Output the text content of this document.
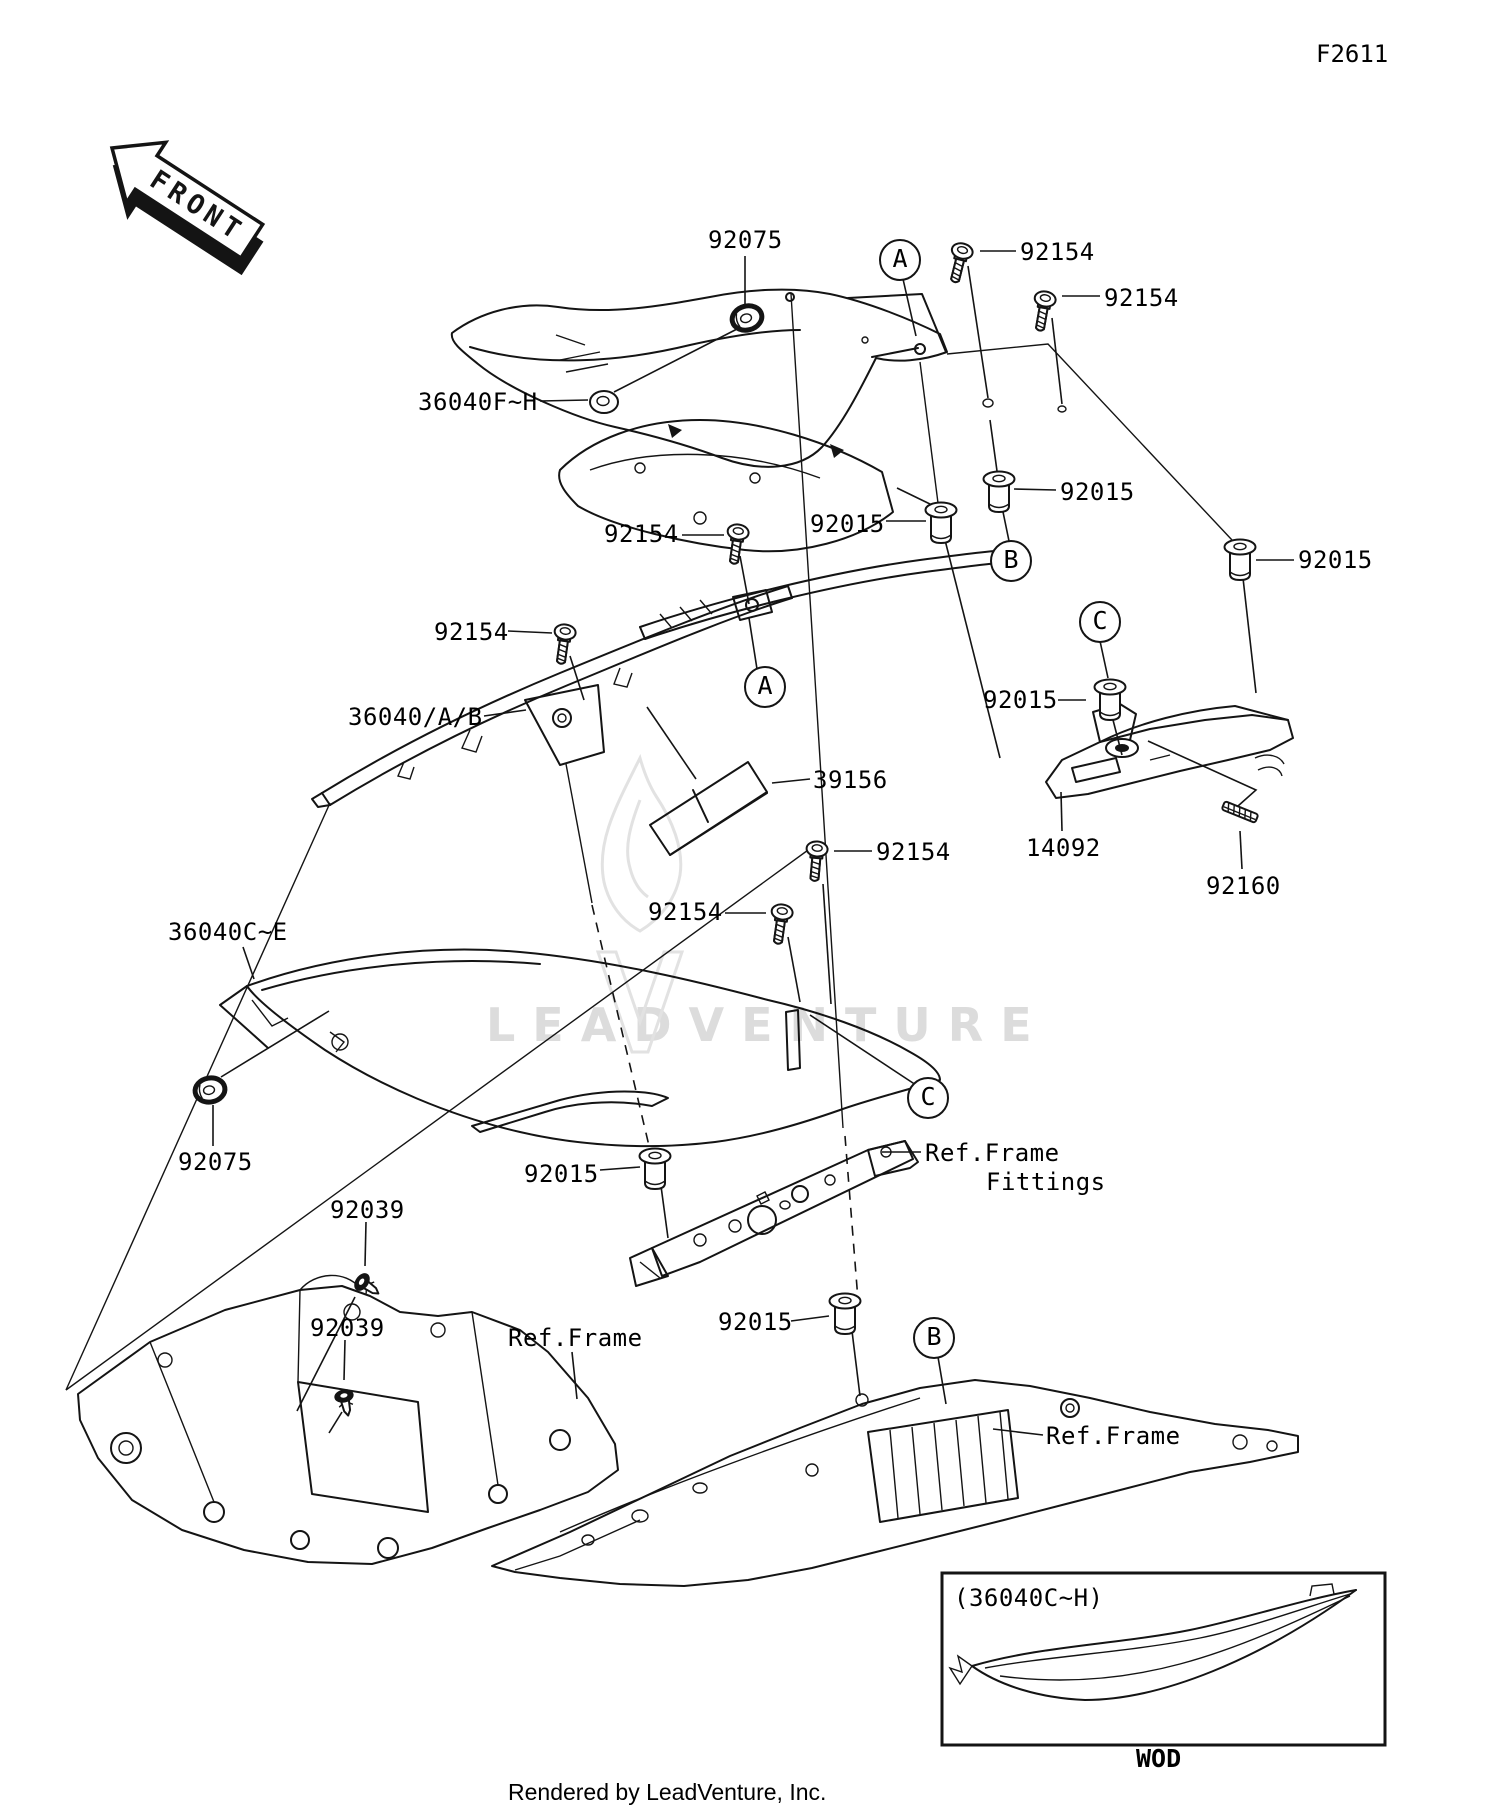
LEADVENTURE
FRONT
F2611
(36040C~H)
WOD
Rendered by LeadVenture, Inc.
92075	92154
92154
36040F~H
92015
92015
92154
92015
92154
92015
36040/A/B
39156
14092
92154
92160
92154
36040C~E
92075	Ref.Frame
Fittings
92015
92039
92015
92039	Ref.Frame
Ref.Frame
A
B
C
A
C
B
